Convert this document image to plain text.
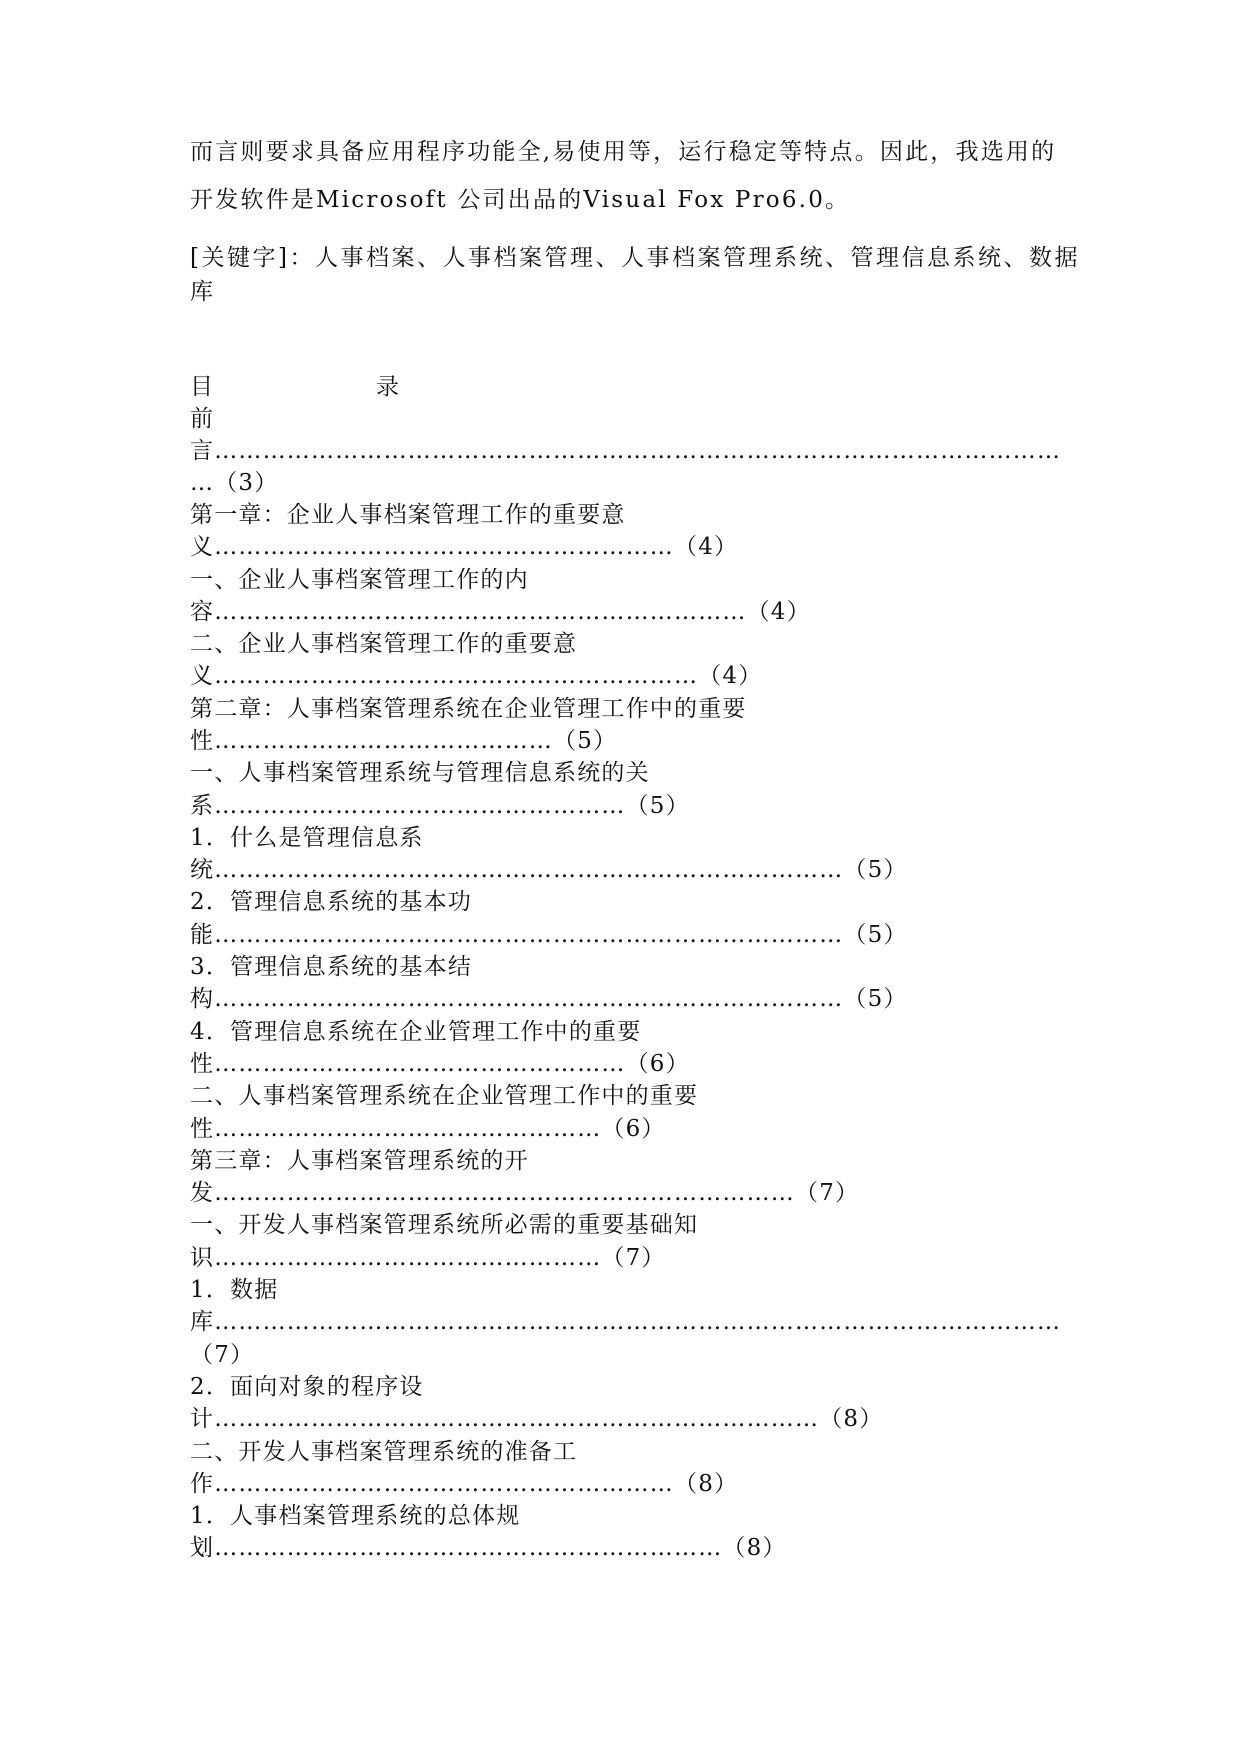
而言则要求具备应用程序功能全,易使用等，运行稳定等特点。因此，我选用的
开发软件是Microsoft 公司出品的Visual Fox Pro6.0。
[关键字]：人事档案、人事档案管理、人事档案管理系统、管理信息系统、数据
库
目	录
前
言……………………………………………………………………………………………
…（3）
第一章：企业人事档案管理工作的重要意
义…………………………………………………（4）
一、企业人事档案管理工作的内
容…………………………………………………………（4）
二、企业人事档案管理工作的重要意
义……………………………………………………（4）
第二章：人事档案管理系统在企业管理工作中的重要
性……………………………………（5）
一、人事档案管理系统与管理信息系统的关
系……………………………………………（5）
1．什么是管理信息系
统……………………………………………………………………（5）
2．管理信息系统的基本功
能……………………………………………………………………（5）
3．管理信息系统的基本结
构……………………………………………………………………（5）
4．管理信息系统在企业管理工作中的重要
性……………………………………………（6）
二、人事档案管理系统在企业管理工作中的重要
性…………………………………………（6）
第三章：人事档案管理系统的开
发………………………………………………………………（7）
一、开发人事档案管理系统所必需的重要基础知
识…………………………………………（7）
1．数据
库……………………………………………………………………………………………
（7）
2．面向对象的程序设
计…………………………………………………………………（8）
二、开发人事档案管理系统的准备工
作…………………………………………………（8）
1．人事档案管理系统的总体规
划………………………………………………………（8）
